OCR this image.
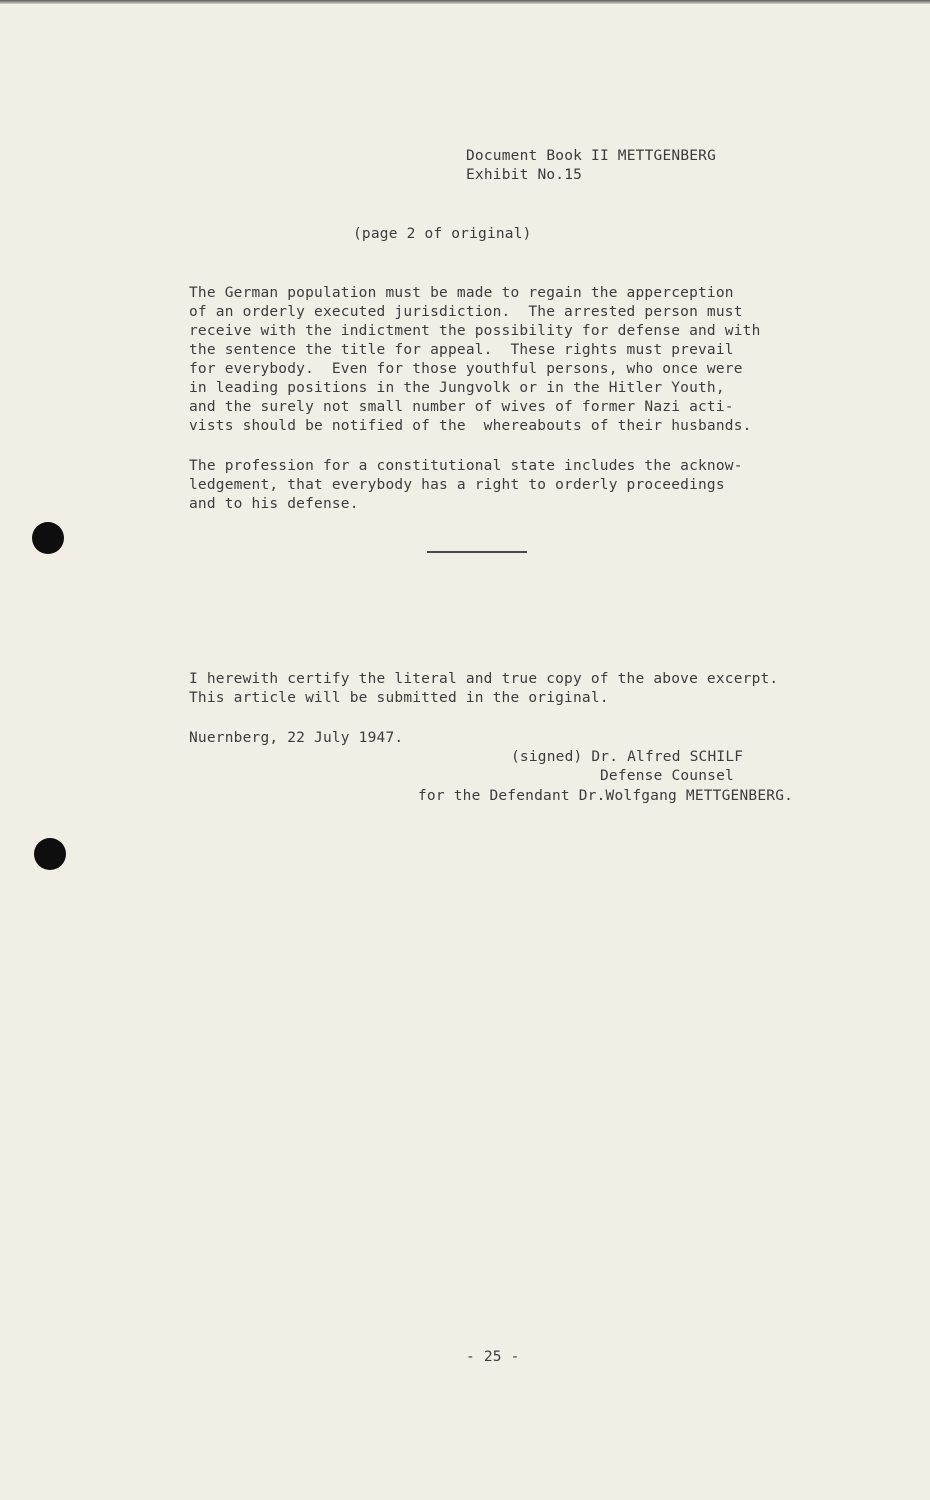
Document Book II METTGENBERG
Exhibit No.15
(page 2 of original)
The German population must be made to regain the apperception
of an orderly executed jurisdiction.  The arrested person must
receive with the indictment the possibility for defense and with
the sentence the title for appeal.  These rights must prevail
for everybody.  Even for those youthful persons, who once were
in leading positions in the Jungvolk or in the Hitler Youth,
and the surely not small number of wives of former Nazi acti-
vists should be notified of the  whereabouts of their husbands.
The profession for a constitutional state includes the acknow-
ledgement, that everybody has a right to orderly proceedings
and to his defense.
I herewith certify the literal and true copy of the above excerpt.
This article will be submitted in the original.
Nuernberg, 22 July 1947.
(signed) Dr. Alfred SCHILF
Defense Counsel
for the Defendant Dr.Wolfgang METTGENBERG.
- 25 -
